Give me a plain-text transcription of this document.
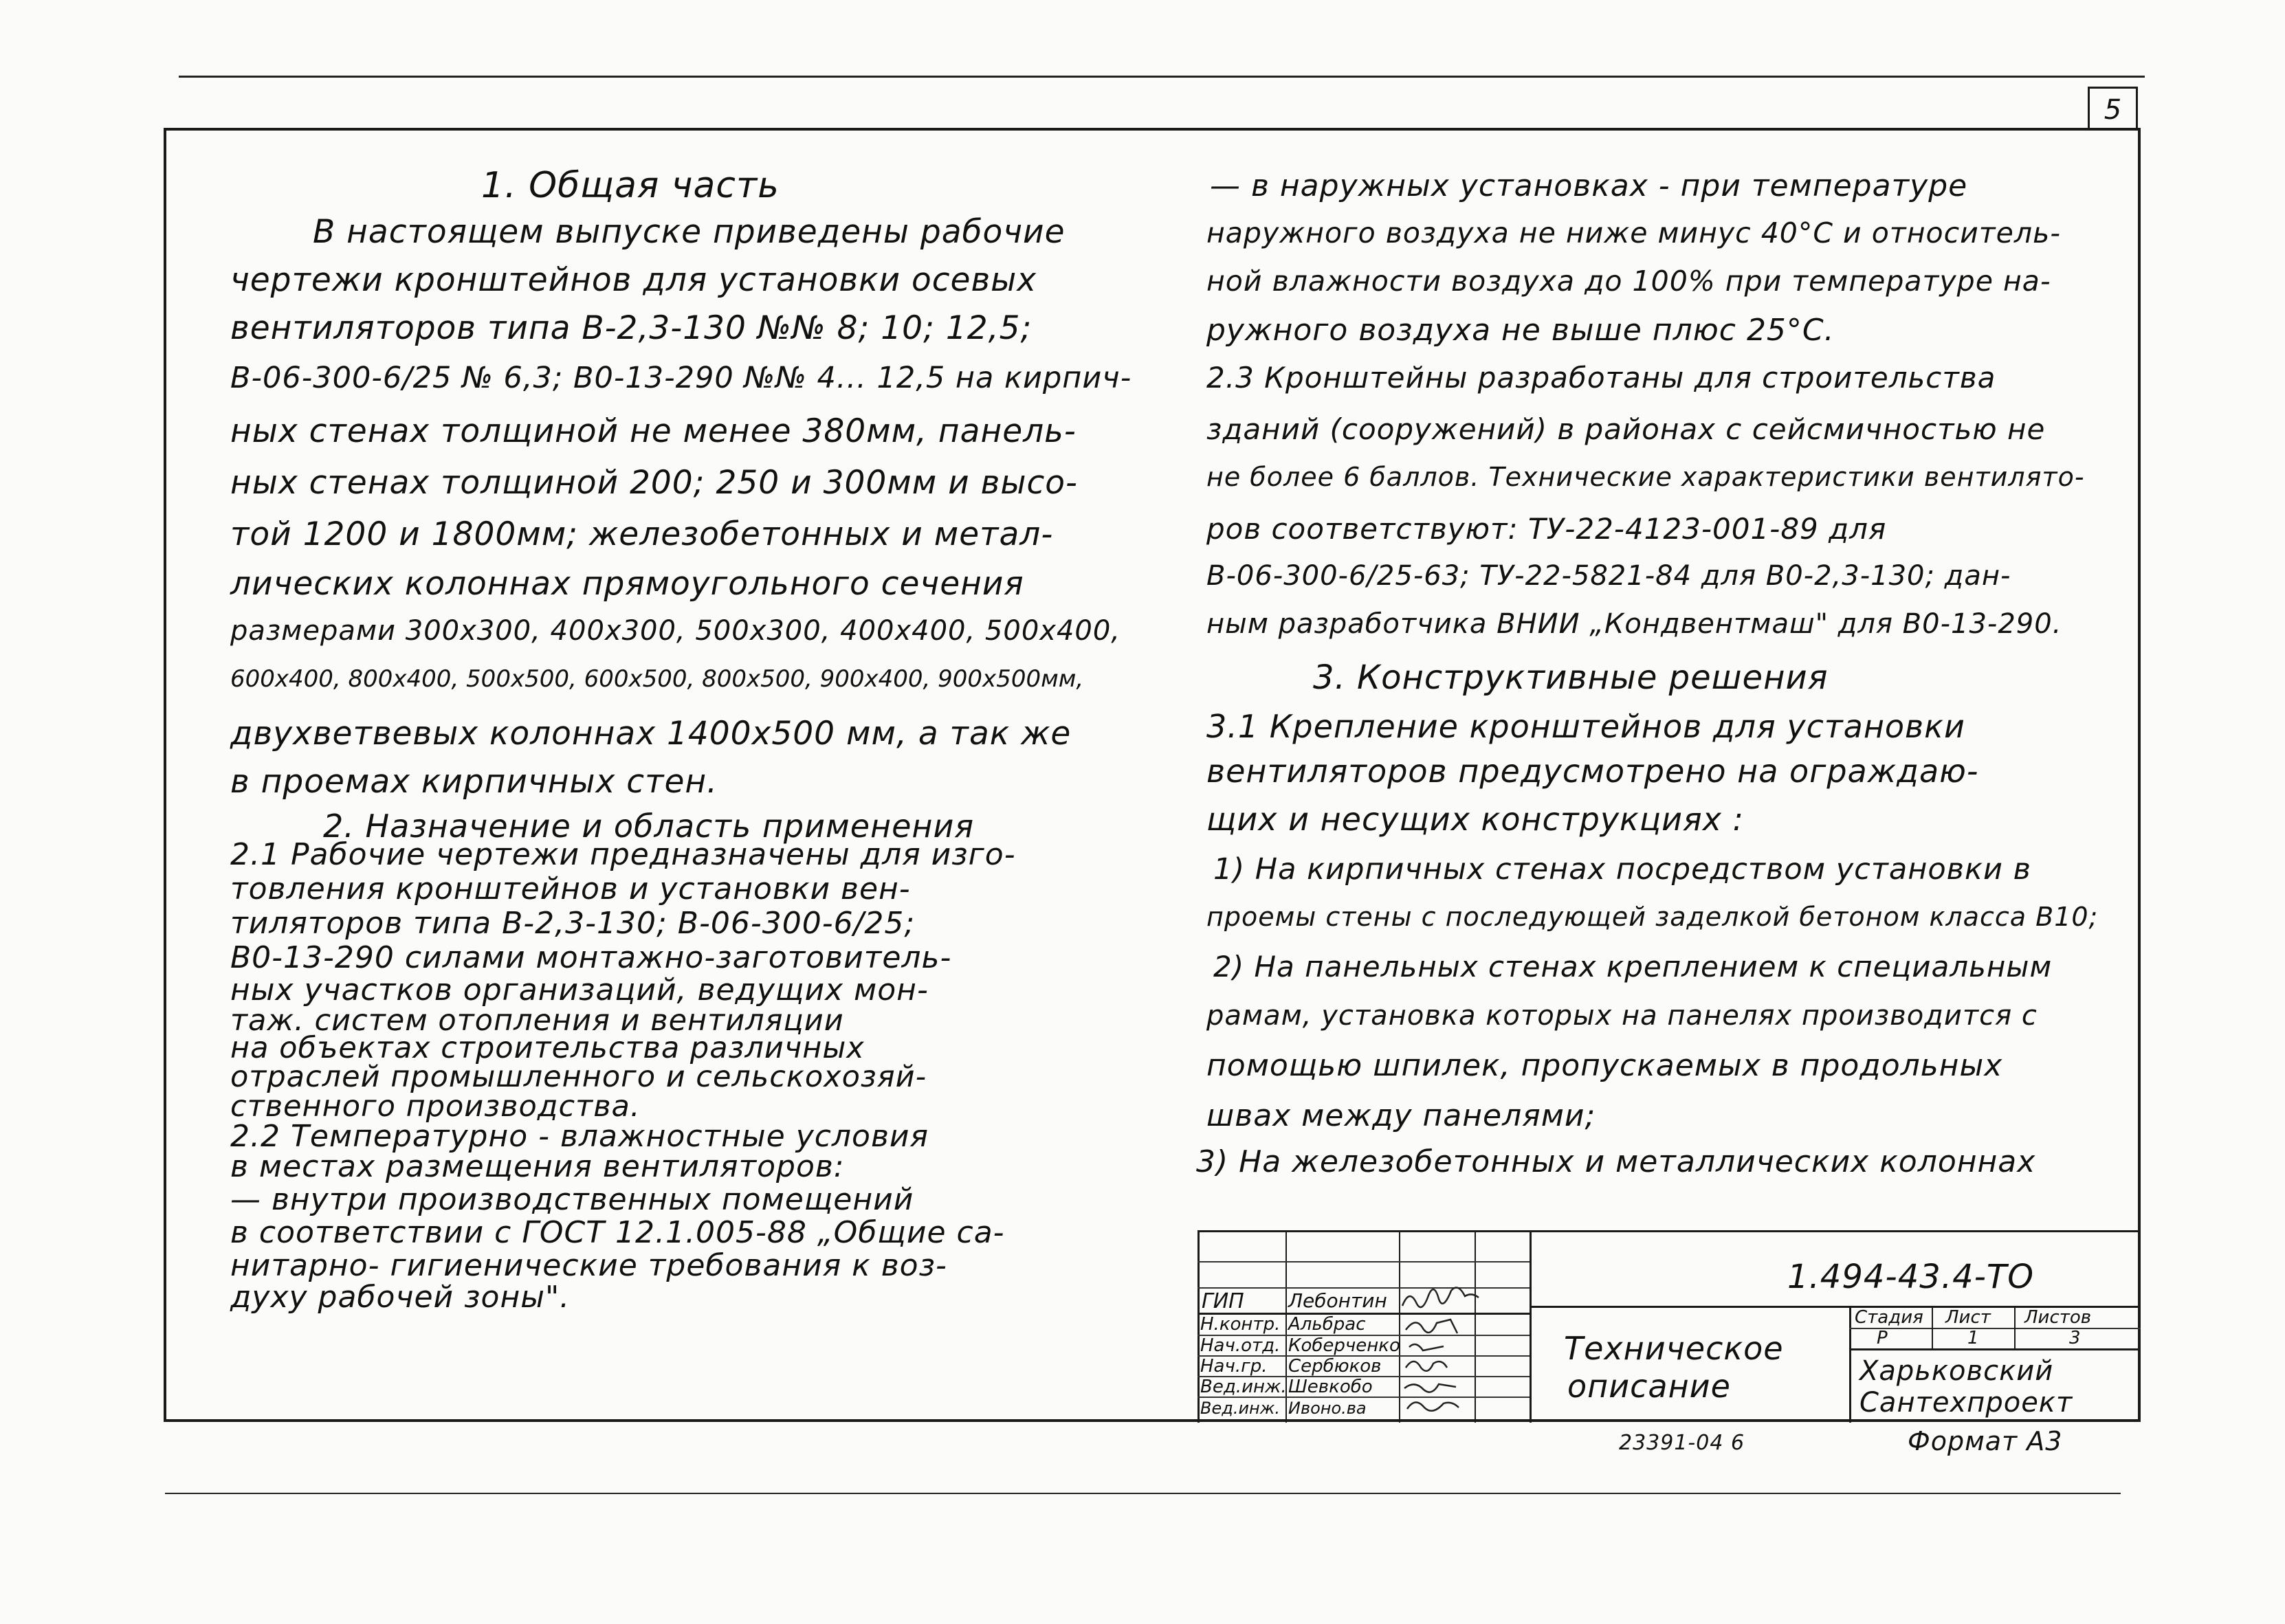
5
1. Общая часть
В настоящем выпуске приведены рабочие
чертежи кронштейнов для установки осевых
вентиляторов типа В-2,3-130 №№ 8; 10; 12,5;
В-06-300-6/25 № 6,3; В0-13-290 №№ 4... 12,5 на кирпич-
ных стенах толщиной не менее 380мм, панель-
ных стенах толщиной 200; 250 и 300мм и высо-
той 1200 и 1800мм; железобетонных и метал-
лических колоннах прямоугольного сечения
размерами 300х300, 400х300, 500х300, 400х400, 500х400,
600х400, 800х400, 500х500, 600х500, 800х500, 900х400, 900х500мм,
двухветвевых колоннах 1400х500 мм, а так же
в проемах кирпичных стен.
2. Назначение и область применения
2.1 Рабочие чертежи предназначены для изго-
товления кронштейнов и установки вен-
тиляторов типа В-2,3-130; В-06-300-6/25;
В0-13-290 силами монтажно-заготовитель-
ных участков организаций, ведущих мон-
таж. систем отопления и вентиляции
на объектах строительства различных
отраслей промышленного и сельскохозяй-
ственного производства.
2.2 Температурно - влажностные условия
в местах размещения вентиляторов:
— внутри производственных помещений
в соответствии с ГОСТ 12.1.005-88 „Общие са-
нитарно- гигиенические требования к воз-
духу рабочей зоны".
— в наружных установках - при температуре
наружного воздуха не ниже минус 40°С и относитель-
ной влажности воздуха до 100% при температуре на-
ружного воздуха не выше плюс 25°С.
2.3 Кронштейны разработаны для строительства
зданий (сооружений) в районах с сейсмичностью не
не более 6 баллов. Технические характеристики вентилято-
ров соответствуют: ТУ-22-4123-001-89 для
В-06-300-6/25-63; ТУ-22-5821-84 для В0-2,3-130; дан-
ным разработчика ВНИИ „Кондвентмаш" для В0-13-290.
3. Конструктивные решения
3.1 Крепление кронштейнов для установки
вентиляторов предусмотрено на ограждаю-
щих и несущих конструкциях :
1) На кирпичных стенах посредством установки в
проемы стены с последующей заделкой бетоном класса В10;
2) На панельных стенах креплением к специальным
рамам, установка которых на панелях производится с
помощью шпилек, пропускаемых в продольных
швах между панелями;
3) На железобетонных и металлических колоннах
Стадия Лист Листов
Р	1	3
Харьковский
Сантехпроект
1.494-43.4-ТО
Техническое
описание
ГИП Лебонтин
Н.контр. Альбрас
Нач.отд. Коберченко
Нач.гр. Сербюков
Вед.инж. Шевкобо
Вед.инж. Ивоно.ва
23391-04 6	Формат А3
